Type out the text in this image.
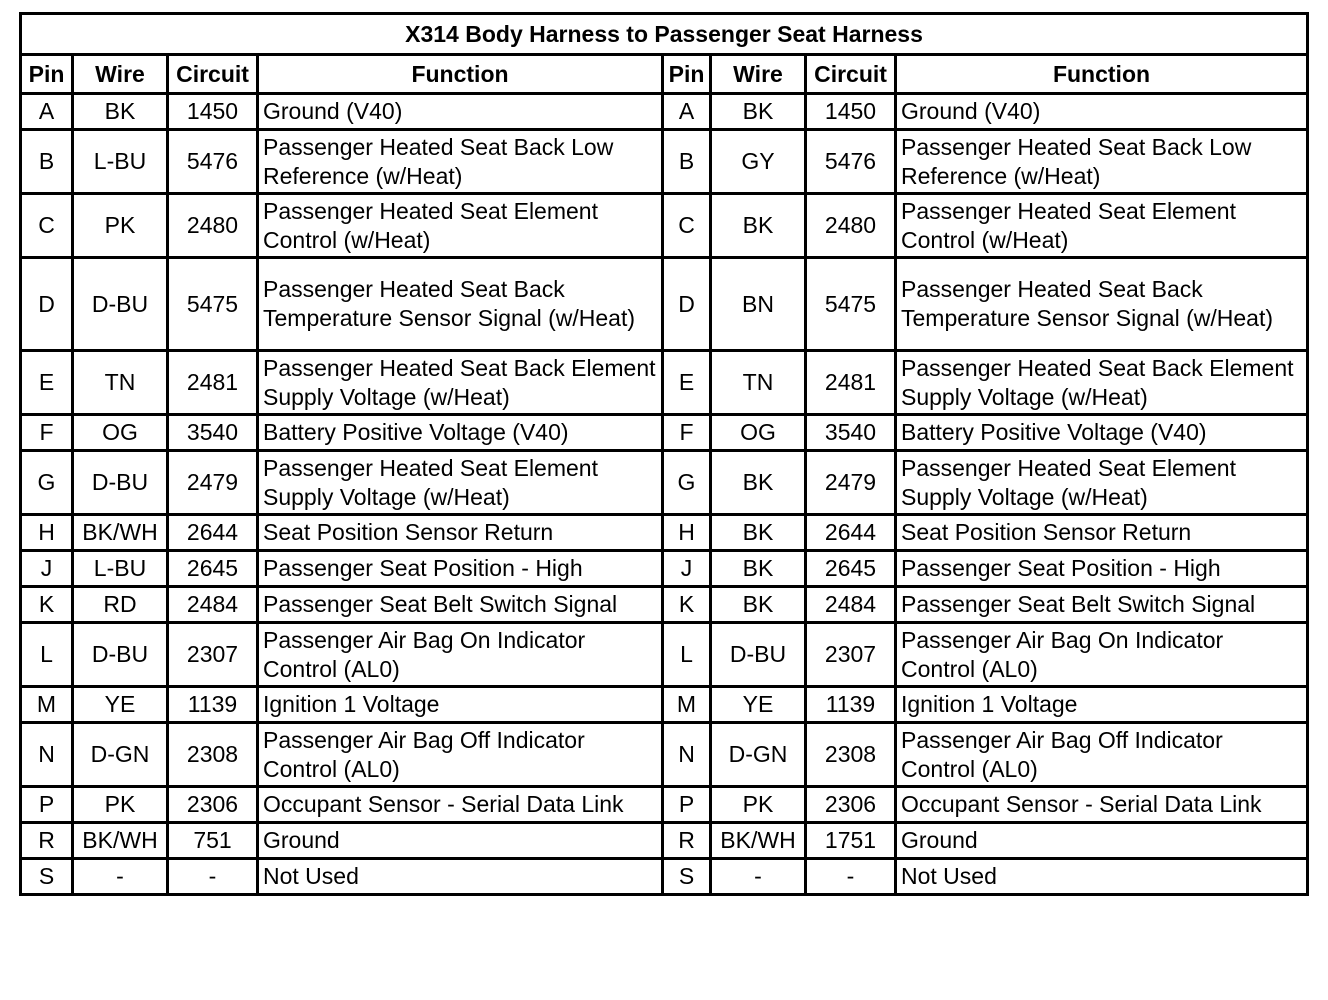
X314 Body Harness to Passenger Seat Harness							
Pin	Wire	Circuit	Function	Pin	Wire	Circuit	Function
A	BK	1450	Ground (V40)	A	BK	1450	Ground (V40)
B	L-BU	5476	Passenger Heated Seat Back Low Reference (w/Heat)	B	GY	5476	Passenger Heated Seat Back Low Reference (w/Heat)
C	PK	2480	Passenger Heated Seat Element Control (w/Heat)	C	BK	2480	Passenger Heated Seat Element Control (w/Heat)
D	D-BU	5475	Passenger Heated Seat Back Temperature Sensor Signal (w/Heat)	D	BN	5475	Passenger Heated Seat Back Temperature Sensor Signal (w/Heat)
E	TN	2481	Passenger Heated Seat Back Element Supply Voltage (w/Heat)	E	TN	2481	Passenger Heated Seat Back Element Supply Voltage (w/Heat)
F	OG	3540	Battery Positive Voltage (V40)	F	OG	3540	Battery Positive Voltage (V40)
G	D-BU	2479	Passenger Heated Seat Element Supply Voltage (w/Heat)	G	BK	2479	Passenger Heated Seat Element Supply Voltage (w/Heat)
H	BK/WH	2644	Seat Position Sensor Return	H	BK	2644	Seat Position Sensor Return
J	L-BU	2645	Passenger Seat Position - High	J	BK	2645	Passenger Seat Position - High
K	RD	2484	Passenger Seat Belt Switch Signal	K	BK	2484	Passenger Seat Belt Switch Signal
L	D-BU	2307	Passenger Air Bag On Indicator Control (AL0)	L	D-BU	2307	Passenger Air Bag On Indicator Control (AL0)
M	YE	1139	Ignition 1 Voltage	M	YE	1139	Ignition 1 Voltage
N	D-GN	2308	Passenger Air Bag Off Indicator Control (AL0)	N	D-GN	2308	Passenger Air Bag Off Indicator Control (AL0)
P	PK	2306	Occupant Sensor - Serial Data Link	P	PK	2306	Occupant Sensor - Serial Data Link
R	BK/WH	751	Ground	R	BK/WH	1751	Ground
S	-	-	Not Used	S	-	-	Not Used
